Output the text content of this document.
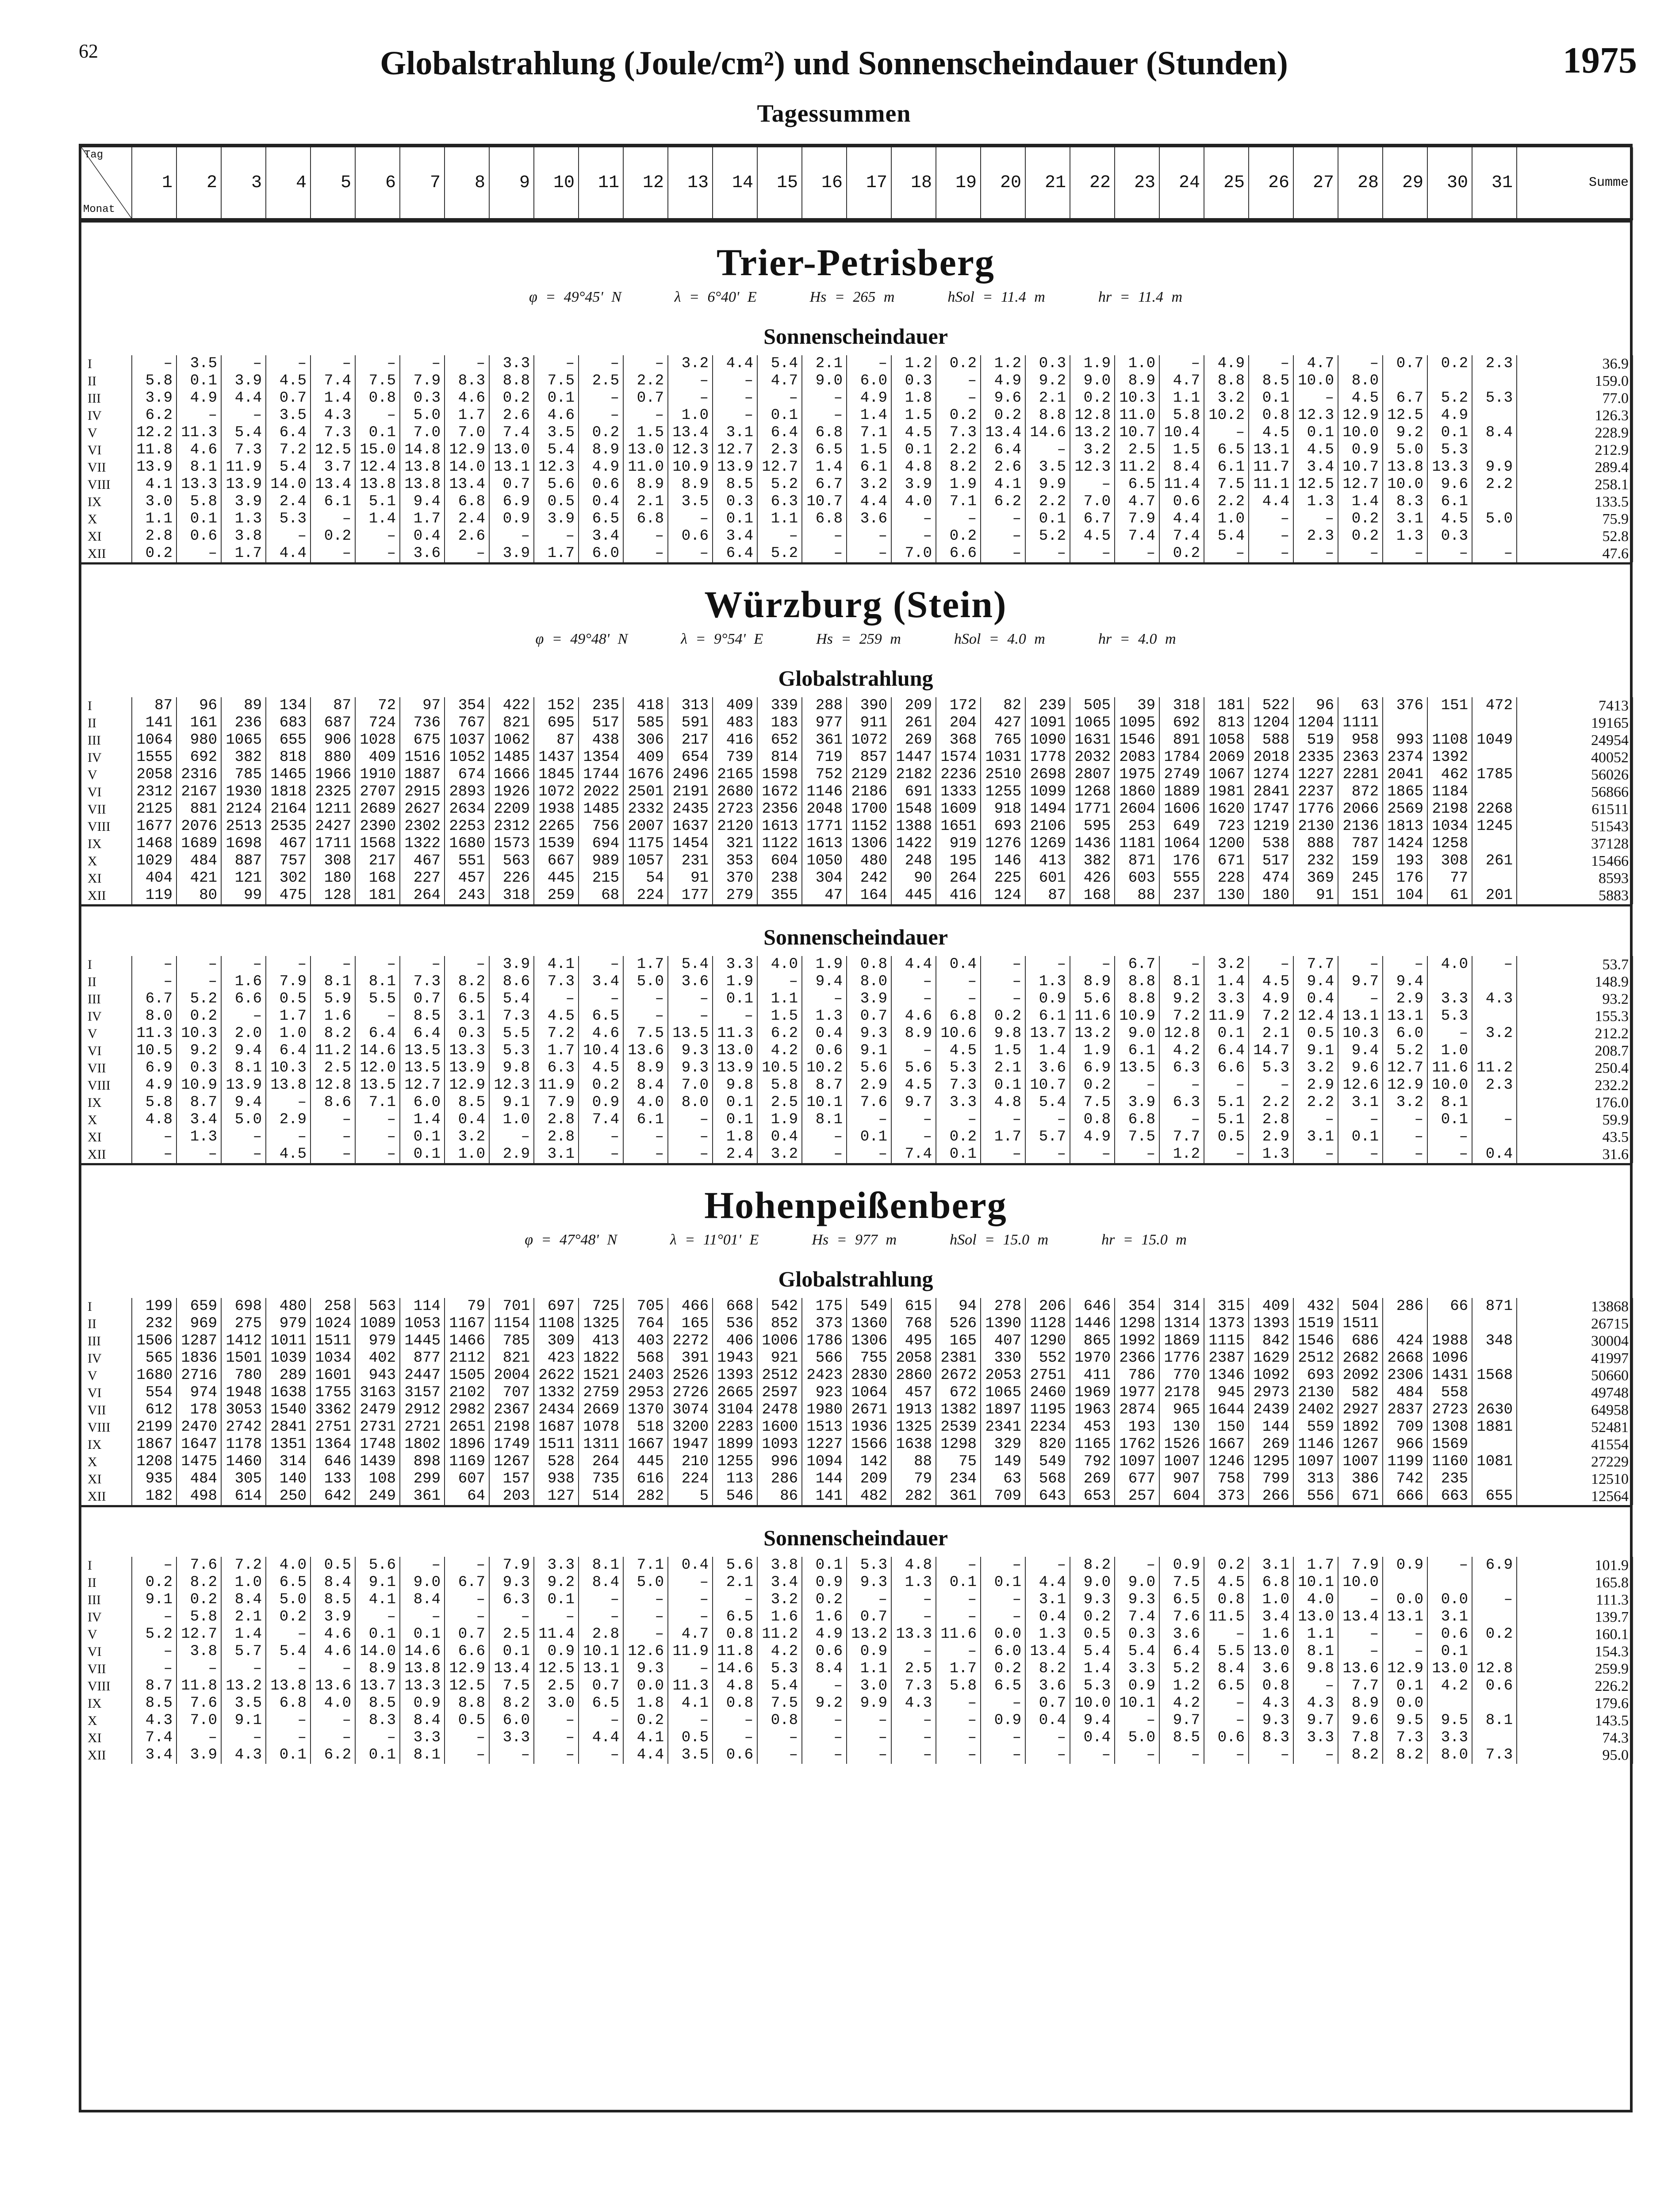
62	Globalstrahlung (Joule/cm²) und Sonnenscheindauer (Stunden)	1975
Tagessummen
Tag
Monat
	1	2	3	4	5	6	7	8	9	10	11	12	13	14	15	16	17	18	19	20	21	22	23	24	25	26	27	28	29	30	31	Summe
Trier-Petrisberg
φ = 49°45' N	λ = 6°40' E	Hs = 265 m	hSol = 11.4 m	hr = 11.4 m
Sonnenscheindauer
I	–	3.5	–	–	–	–	–	–	3.3	–	–	–	3.2	4.4	5.4	2.1	–	1.2	0.2	1.2	0.3	1.9	1.0	–	4.9	–	4.7	–	0.7	0.2	2.3	36.9
II	5.8	0.1	3.9	4.5	7.4	7.5	7.9	8.3	8.8	7.5	2.5	2.2	–	–	4.7	9.0	6.0	0.3	–	4.9	9.2	9.0	8.9	4.7	8.8	8.5	10.0	8.0				159.0
III	3.9	4.9	4.4	0.7	1.4	0.8	0.3	4.6	0.2	0.1	–	0.7	–	–	–	–	4.9	1.8	–	9.6	2.1	0.2	10.3	1.1	3.2	0.1	–	4.5	6.7	5.2	5.3	77.0
IV	6.2	–	–	3.5	4.3	–	5.0	1.7	2.6	4.6	–	–	1.0	–	0.1	–	1.4	1.5	0.2	0.2	8.8	12.8	11.0	5.8	10.2	0.8	12.3	12.9	12.5	4.9		126.3
V	12.2	11.3	5.4	6.4	7.3	0.1	7.0	7.0	7.4	3.5	0.2	1.5	13.4	3.1	6.4	6.8	7.1	4.5	7.3	13.4	14.6	13.2	10.7	10.4	–	4.5	0.1	10.0	9.2	0.1	8.4	228.9
VI	11.8	4.6	7.3	7.2	12.5	15.0	14.8	12.9	13.0	5.4	8.9	13.0	12.3	12.7	2.3	6.5	1.5	0.1	2.2	6.4	–	3.2	2.5	1.5	6.5	13.1	4.5	0.9	5.0	5.3		212.9
VII	13.9	8.1	11.9	5.4	3.7	12.4	13.8	14.0	13.1	12.3	4.9	11.0	10.9	13.9	12.7	1.4	6.1	4.8	8.2	2.6	3.5	12.3	11.2	8.4	6.1	11.7	3.4	10.7	13.8	13.3	9.9	289.4
VIII	4.1	13.3	13.9	14.0	13.4	13.8	13.8	13.4	0.7	5.6	0.6	8.9	8.9	8.5	5.2	6.7	3.2	3.9	1.9	4.1	9.9	–	6.5	11.4	7.5	11.1	12.5	12.7	10.0	9.6	2.2	258.1
IX	3.0	5.8	3.9	2.4	6.1	5.1	9.4	6.8	6.9	0.5	0.4	2.1	3.5	0.3	6.3	10.7	4.4	4.0	7.1	6.2	2.2	7.0	4.7	0.6	2.2	4.4	1.3	1.4	8.3	6.1		133.5
X	1.1	0.1	1.3	5.3	–	1.4	1.7	2.4	0.9	3.9	6.5	6.8	–	0.1	1.1	6.8	3.6	–	–	–	0.1	6.7	7.9	4.4	1.0	–	–	0.2	3.1	4.5	5.0	75.9
XI	2.8	0.6	3.8	–	0.2	–	0.4	2.6	–	–	3.4	–	0.6	3.4	–	–	–	–	0.2	–	5.2	4.5	7.4	7.4	5.4	–	2.3	0.2	1.3	0.3		52.8
XII	0.2	–	1.7	4.4	–	–	3.6	–	3.9	1.7	6.0	–	–	6.4	5.2	–	–	7.0	6.6	–	–	–	–	0.2	–	–	–	–	–	–	–	47.6
Würzburg (Stein)
φ = 49°48' N	λ = 9°54' E	Hs = 259 m	hSol = 4.0 m	hr = 4.0 m
Globalstrahlung
I	87	96	89	134	87	72	97	354	422	152	235	418	313	409	339	288	390	209	172	82	239	505	39	318	181	522	96	63	376	151	472	7413
II	141	161	236	683	687	724	736	767	821	695	517	585	591	483	183	977	911	261	204	427	1091	1065	1095	692	813	1204	1204	1111				19165
III	1064	980	1065	655	906	1028	675	1037	1062	87	438	306	217	416	652	361	1072	269	368	765	1090	1631	1546	891	1058	588	519	958	993	1108	1049	24954
IV	1555	692	382	818	880	409	1516	1052	1485	1437	1354	409	654	739	814	719	857	1447	1574	1031	1778	2032	2083	1784	2069	2018	2335	2363	2374	1392		40052
V	2058	2316	785	1465	1966	1910	1887	674	1666	1845	1744	1676	2496	2165	1598	752	2129	2182	2236	2510	2698	2807	1975	2749	1067	1274	1227	2281	2041	462	1785	56026
VI	2312	2167	1930	1818	2325	2707	2915	2893	1926	1072	2022	2501	2191	2680	1672	1146	2186	691	1333	1255	1099	1268	1860	1889	1981	2841	2237	872	1865	1184		56866
VII	2125	881	2124	2164	1211	2689	2627	2634	2209	1938	1485	2332	2435	2723	2356	2048	1700	1548	1609	918	1494	1771	2604	1606	1620	1747	1776	2066	2569	2198	2268	61511
VIII	1677	2076	2513	2535	2427	2390	2302	2253	2312	2265	756	2007	1637	2120	1613	1771	1152	1388	1651	693	2106	595	253	649	723	1219	2130	2136	1813	1034	1245	51543
IX	1468	1689	1698	467	1711	1568	1322	1680	1573	1539	694	1175	1454	321	1122	1613	1306	1422	919	1276	1269	1436	1181	1064	1200	538	888	787	1424	1258		37128
X	1029	484	887	757	308	217	467	551	563	667	989	1057	231	353	604	1050	480	248	195	146	413	382	871	176	671	517	232	159	193	308	261	15466
XI	404	421	121	302	180	168	227	457	226	445	215	54	91	370	238	304	242	90	264	225	601	426	603	555	228	474	369	245	176	77		8593
XII	119	80	99	475	128	181	264	243	318	259	68	224	177	279	355	47	164	445	416	124	87	168	88	237	130	180	91	151	104	61	201	5883
Sonnenscheindauer
I	–	–	–	–	–	–	–	–	3.9	4.1	–	1.7	5.4	3.3	4.0	1.9	0.8	4.4	0.4	–	–	–	6.7	–	3.2	–	7.7	–	–	4.0	–	53.7
II	–	–	1.6	7.9	8.1	8.1	7.3	8.2	8.6	7.3	3.4	5.0	3.6	1.9	–	9.4	8.0	–	–	–	1.3	8.9	8.8	8.1	1.4	4.5	9.4	9.7	9.4			148.9
III	6.7	5.2	6.6	0.5	5.9	5.5	0.7	6.5	5.4	–	–	–	–	0.1	1.1	–	3.9	–	–	–	0.9	5.6	8.8	9.2	3.3	4.9	0.4	–	2.9	3.3	4.3	93.2
IV	8.0	0.2	–	1.7	1.6	–	8.5	3.1	7.3	4.5	6.5	–	–	–	1.5	1.3	0.7	4.6	6.8	0.2	6.1	11.6	10.9	7.2	11.9	7.2	12.4	13.1	13.1	5.3		155.3
V	11.3	10.3	2.0	1.0	8.2	6.4	6.4	0.3	5.5	7.2	4.6	7.5	13.5	11.3	6.2	0.4	9.3	8.9	10.6	9.8	13.7	13.2	9.0	12.8	0.1	2.1	0.5	10.3	6.0	–	3.2	212.2
VI	10.5	9.2	9.4	6.4	11.2	14.6	13.5	13.3	5.3	1.7	10.4	13.6	9.3	13.0	4.2	0.6	9.1	–	4.5	1.5	1.4	1.9	6.1	4.2	6.4	14.7	9.1	9.4	5.2	1.0		208.7
VII	6.9	0.3	8.1	10.3	2.5	12.0	13.5	13.9	9.8	6.3	4.5	8.9	9.3	13.9	10.5	10.2	5.6	5.6	5.3	2.1	3.6	6.9	13.5	6.3	6.6	5.3	3.2	9.6	12.7	11.6	11.2	250.4
VIII	4.9	10.9	13.9	13.8	12.8	13.5	12.7	12.9	12.3	11.9	0.2	8.4	7.0	9.8	5.8	8.7	2.9	4.5	7.3	0.1	10.7	0.2	–	–	–	–	2.9	12.6	12.9	10.0	2.3	232.2
IX	5.8	8.7	9.4	–	8.6	7.1	6.0	8.5	9.1	7.9	0.9	4.0	8.0	0.1	2.5	10.1	7.6	9.7	3.3	4.8	5.4	7.5	3.9	6.3	5.1	2.2	2.2	3.1	3.2	8.1		176.0
X	4.8	3.4	5.0	2.9	–	–	1.4	0.4	1.0	2.8	7.4	6.1	–	0.1	1.9	8.1	–	–	–	–	–	0.8	6.8	–	5.1	2.8	–	–	–	0.1	–	59.9
XI	–	1.3	–	–	–	–	0.1	3.2	–	2.8	–	–	–	1.8	0.4	–	0.1	–	0.2	1.7	5.7	4.9	7.5	7.7	0.5	2.9	3.1	0.1	–	–		43.5
XII	–	–	–	4.5	–	–	0.1	1.0	2.9	3.1	–	–	–	2.4	3.2	–	–	7.4	0.1	–	–	–	–	1.2	–	1.3	–	–	–	–	0.4	31.6
Hohenpeißenberg
φ = 47°48' N	λ = 11°01' E	Hs = 977 m	hSol = 15.0 m	hr = 15.0 m
Globalstrahlung
I	199	659	698	480	258	563	114	79	701	697	725	705	466	668	542	175	549	615	94	278	206	646	354	314	315	409	432	504	286	66	871	13868
II	232	969	275	979	1024	1089	1053	1167	1154	1108	1325	764	165	536	852	373	1360	768	526	1390	1128	1446	1298	1314	1373	1393	1519	1511				26715
III	1506	1287	1412	1011	1511	979	1445	1466	785	309	413	403	2272	406	1006	1786	1306	495	165	407	1290	865	1992	1869	1115	842	1546	686	424	1988	348	30004
IV	565	1836	1501	1039	1034	402	877	2112	821	423	1822	568	391	1943	921	566	755	2058	2381	330	552	1970	2366	1776	2387	1629	2512	2682	2668	1096		41997
V	1680	2716	780	289	1601	943	2447	1505	2004	2622	1521	2403	2526	1393	2512	2423	2830	2860	2672	2053	2751	411	786	770	1346	1092	693	2092	2306	1431	1568	50660
VI	554	974	1948	1638	1755	3163	3157	2102	707	1332	2759	2953	2726	2665	2597	923	1064	457	672	1065	2460	1969	1977	2178	945	2973	2130	582	484	558		49748
VII	612	178	3053	1540	3362	2479	2912	2982	2367	2434	2669	1370	3074	3104	2478	1980	2671	1913	1382	1897	1195	1963	2874	965	1644	2439	2402	2927	2837	2723	2630	64958
VIII	2199	2470	2742	2841	2751	2731	2721	2651	2198	1687	1078	518	3200	2283	1600	1513	1936	1325	2539	2341	2234	453	193	130	150	144	559	1892	709	1308	1881	52481
IX	1867	1647	1178	1351	1364	1748	1802	1896	1749	1511	1311	1667	1947	1899	1093	1227	1566	1638	1298	329	820	1165	1762	1526	1667	269	1146	1267	966	1569		41554
X	1208	1475	1460	314	646	1439	898	1169	1267	528	264	445	210	1255	996	1094	142	88	75	149	549	792	1097	1007	1246	1295	1097	1007	1199	1160	1081	27229
XI	935	484	305	140	133	108	299	607	157	938	735	616	224	113	286	144	209	79	234	63	568	269	677	907	758	799	313	386	742	235		12510
XII	182	498	614	250	642	249	361	64	203	127	514	282	5	546	86	141	482	282	361	709	643	653	257	604	373	266	556	671	666	663	655	12564
Sonnenscheindauer
I	–	7.6	7.2	4.0	0.5	5.6	–	–	7.9	3.3	8.1	7.1	0.4	5.6	3.8	0.1	5.3	4.8	–	–	–	8.2	–	0.9	0.2	3.1	1.7	7.9	0.9	–	6.9	101.9
II	0.2	8.2	1.0	6.5	8.4	9.1	9.0	6.7	9.3	9.2	8.4	5.0	–	2.1	3.4	0.9	9.3	1.3	0.1	0.1	4.4	9.0	9.0	7.5	4.5	6.8	10.1	10.0				165.8
III	9.1	0.2	8.4	5.0	8.5	4.1	8.4	–	6.3	0.1	–	–	–	–	3.2	0.2	–	–	–	–	3.1	9.3	9.3	6.5	0.8	1.0	4.0	–	0.0	0.0	–	111.3
IV	–	5.8	2.1	0.2	3.9	–	–	–	–	–	–	–	–	6.5	1.6	1.6	0.7	–	–	–	0.4	0.2	7.4	7.6	11.5	3.4	13.0	13.4	13.1	3.1		139.7
V	5.2	12.7	1.4	–	4.6	0.1	0.1	0.7	2.5	11.4	2.8	–	4.7	0.8	11.2	4.9	13.2	13.3	11.6	0.0	1.3	0.5	0.3	3.6	–	1.6	1.1	–	–	0.6	0.2	160.1
VI	–	3.8	5.7	5.4	4.6	14.0	14.6	6.6	0.1	0.9	10.1	12.6	11.9	11.8	4.2	0.6	0.9	–	–	6.0	13.4	5.4	5.4	6.4	5.5	13.0	8.1	–	–	0.1		154.3
VII	–	–	–	–	–	8.9	13.8	12.9	13.4	12.5	13.1	9.3	–	14.6	5.3	8.4	1.1	2.5	1.7	0.2	8.2	1.4	3.3	5.2	8.4	3.6	9.8	13.6	12.9	13.0	12.8	259.9
VIII	8.7	11.8	13.2	13.8	13.6	13.7	13.3	12.5	7.5	2.5	0.7	0.0	11.3	4.8	5.4	–	3.0	7.3	5.8	6.5	3.6	5.3	0.9	1.2	6.5	0.8	–	7.7	0.1	4.2	0.6	226.2
IX	8.5	7.6	3.5	6.8	4.0	8.5	0.9	8.8	8.2	3.0	6.5	1.8	4.1	0.8	7.5	9.2	9.9	4.3	–	–	0.7	10.0	10.1	4.2	–	4.3	4.3	8.9	0.0			179.6
X	4.3	7.0	9.1	–	–	8.3	8.4	0.5	6.0	–	–	0.2	–	–	0.8	–	–	–	–	0.9	0.4	9.4	–	9.7	–	9.3	9.7	9.6	9.5	9.5	8.1	143.5
XI	7.4	–	–	–	–	–	3.3	–	3.3	–	4.4	4.1	0.5	–	–	–	–	–	–	–	–	0.4	5.0	8.5	0.6	8.3	3.3	7.8	7.3	3.3		74.3
XII	3.4	3.9	4.3	0.1	6.2	0.1	8.1	–	–	–	–	4.4	3.5	0.6	–	–	–	–	–	–	–	–	–	–	–	–	–	8.2	8.2	8.0	7.3	95.0
